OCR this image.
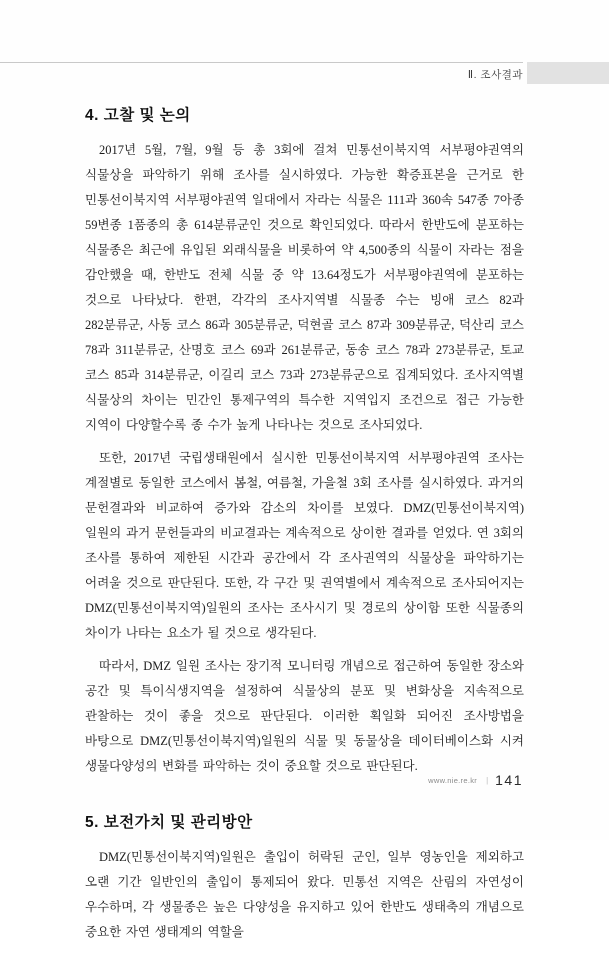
Ⅱ. 조사결과
4. 고찰 및 논의

2017년 5월, 7월, 9월 등 총 3회에 걸쳐 민통선이북지역 서부평야권역의 식물상을 파악하기 위해 조사를 실시하였다. 가능한 확증표본을 근거로 한 민통선이북지역 서부평야권역 일대에서 자라는 식물은 111과 360속 547종 7아종 59변종 1품종의 총 614분류군인 것으로 확인되었다. 따라서 한반도에 분포하는 식물종은 최근에 유입된 외래식물을 비롯하여 약 4,500종의 식물이 자라는 점을 감안했을 때, 한반도 전체 식물 중 약 13.64정도가 서부평야권역에 분포하는 것으로 나타났다. 한편, 각각의 조사지역별 식물종 수는 빙애 코스 82과 282분류군, 사동 코스 86과 305분류군, 덕현골 코스 87과 309분류군, 덕산리 코스 78과 311분류군, 산명호 코스 69과 261분류군, 동송 코스 78과 273분류군, 토교 코스 85과 314분류군, 이길리 코스 73과 273분류군으로 집계되었다. 조사지역별 식물상의 차이는 민간인 통제구역의 특수한 지역입지 조건으로 접근 가능한 지역이 다양할수록 종 수가 높게 나타나는 것으로 조사되었다.

또한, 2017년 국립생태원에서 실시한 민통선이북지역 서부평야권역 조사는 계절별로 동일한 코스에서 봄철, 여름철, 가을철 3회 조사를 실시하였다. 과거의 문헌결과와 비교하여 증가와 감소의 차이를 보였다. DMZ(민통선이북지역)일원의 과거 문헌들과의 비교결과는 계속적으로 상이한 결과를 얻었다. 연 3회의 조사를 통하여 제한된 시간과 공간에서 각 조사권역의 식물상을 파악하기는 어려울 것으로 판단된다. 또한, 각 구간 및 권역별에서 계속적으로 조사되어지는 DMZ(민통선이북지역)일원의 조사는 조사시기 및 경로의 상이함 또한 식물종의 차이가 나타는 요소가 될 것으로 생각된다.

따라서, DMZ 일원 조사는 장기적 모니터링 개념으로 접근하여 동일한 장소와 공간 및 특이식생지역을 설정하여 식물상의 분포 및 변화상을 지속적으로 관찰하는 것이 좋을 것으로 판단된다. 이러한 획일화 되어진 조사방법을 바탕으로 DMZ(민통선이북지역)일원의 식물 및 동물상을 데이터베이스화 시켜 생물다양성의 변화를 파악하는 것이 중요할 것으로 판단된다.

5. 보전가치 및 관리방안

DMZ(민통선이북지역)일원은 출입이 허락된 군인, 일부 영농인을 제외하고 오랜 기간 일반인의 출입이 통제되어 왔다. 민통선 지역은 산림의 자연성이 우수하며, 각 생물종은 높은 다양성을 유지하고 있어 한반도 생태축의 개념으로 중요한 자연 생태계의 역할을

www.nie.re.kr | 141
